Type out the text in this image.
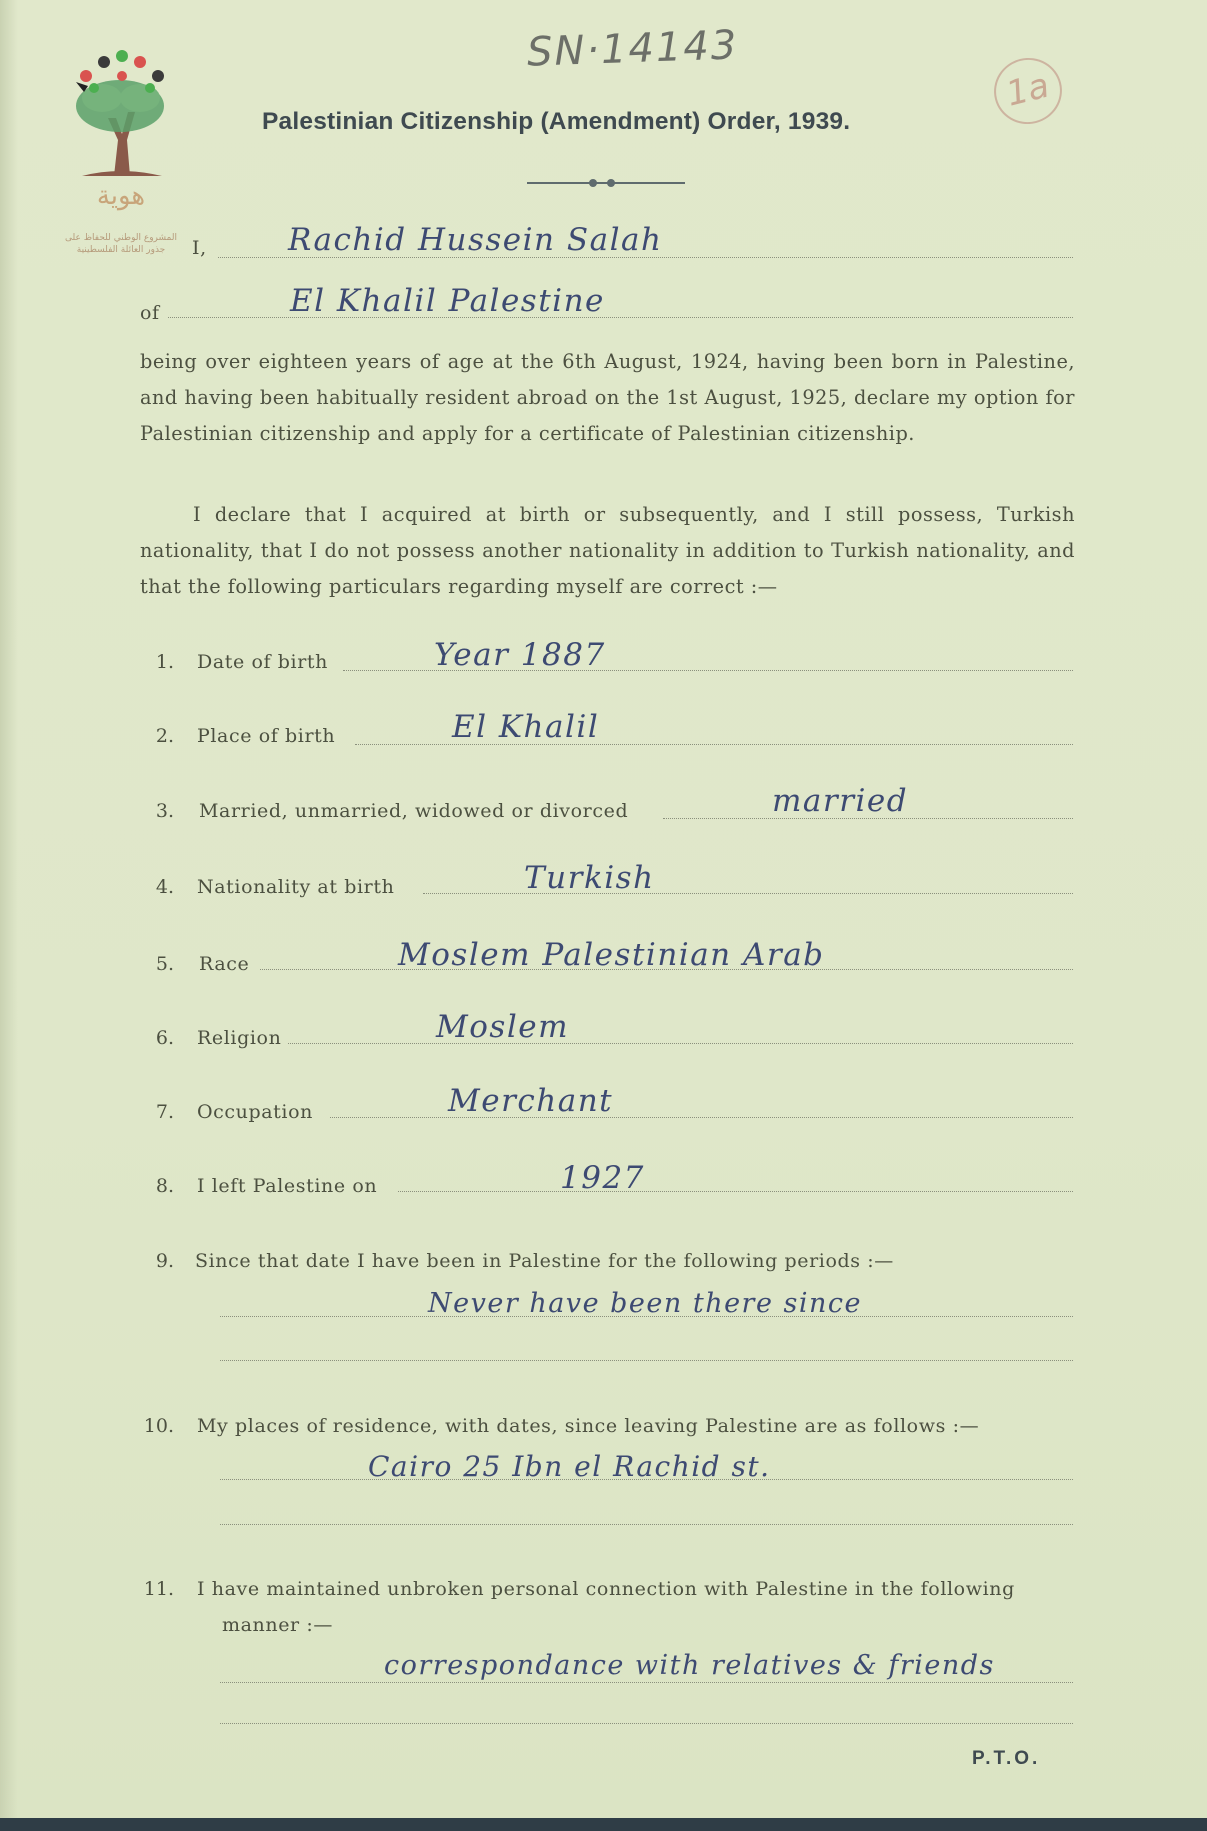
هوية
المشروع الوطني للحفاظ على جذور العائلة الفلسطينية
SN·14143
1a
Palestinian Citizenship (Amendment) Order, 1939.
I,	Rachid Hussein Salah
of	El Khalil Palestine
being over eighteen years of age at the 6th August, 1924, having been born in Palestine, and having been habitually resident abroad on the 1st August, 1925, declare my option for Palestinian citizenship and apply for a certificate of Palestinian citizenship.
I declare that I acquired at birth or subsequently, and I still possess, Turkish nationality, that I do not possess another nationality in addition to Turkish nationality, and that the following particulars regarding myself are correct :—
1. Date of birth	Year 1887
2. Place of birth	El Khalil
3. Married, unmarried, widowed or divorced	married
4. Nationality at birth	Turkish
5. Race	Moslem Palestinian Arab
6. Religion	Moslem
7. Occupation	Merchant
8. I left Palestine on	1927
9. Since that date I have been in Palestine for the following periods :—
Never have been there since
10. My places of residence, with dates, since leaving Palestine are as follows :—
Cairo 25 Ibn el Rachid st.
11. I have maintained unbroken personal connection with Palestine in the following
manner :—
correspondance with relatives & friends
P.T.O.
